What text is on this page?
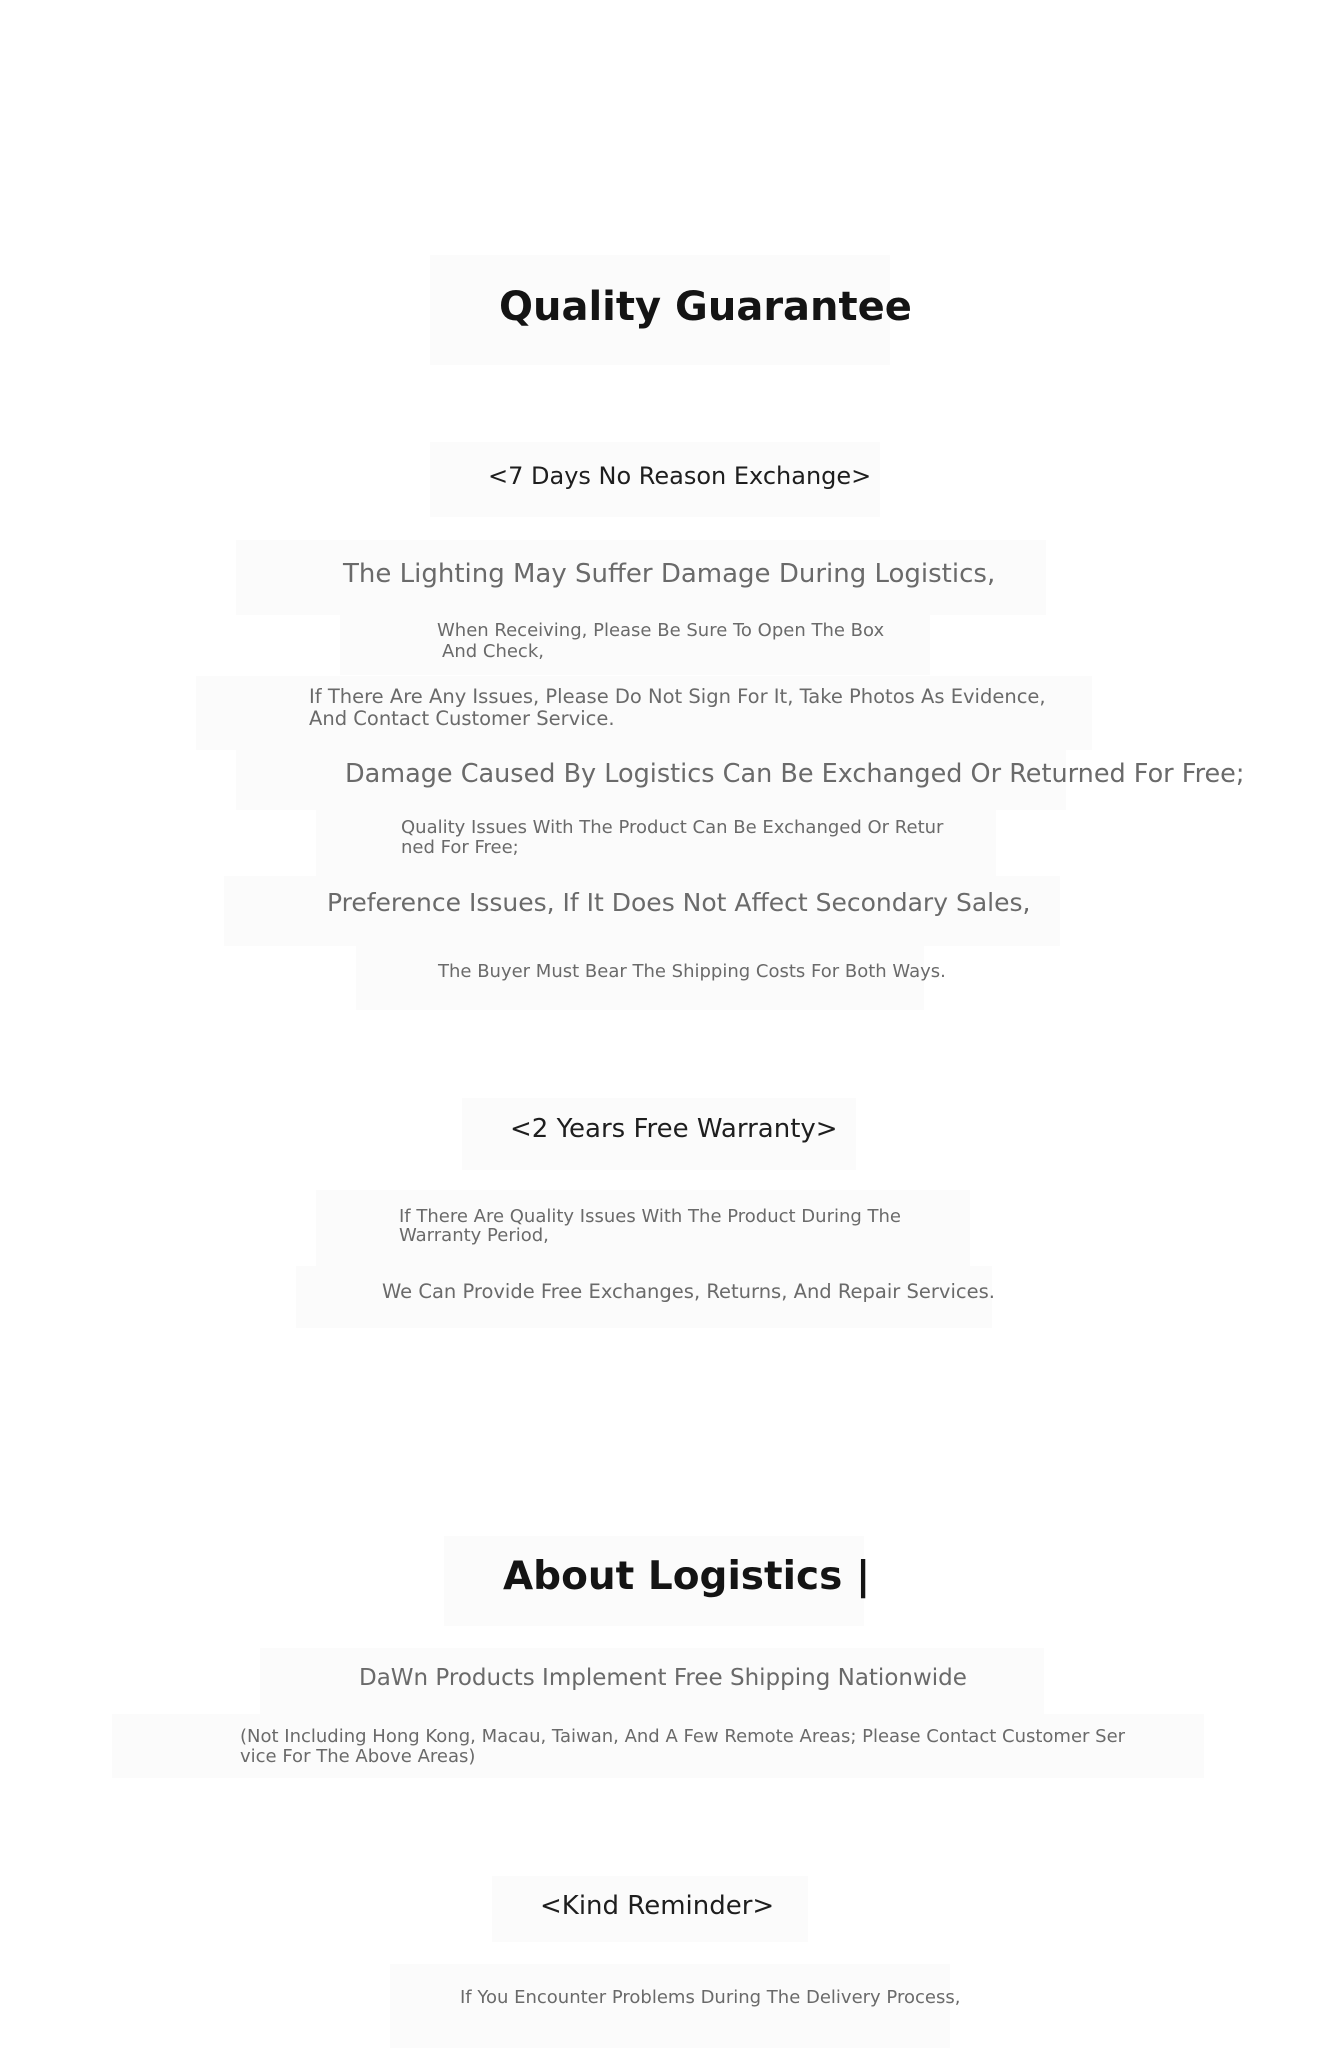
Quality Guarantee
<7 Days No Reason Exchange>
The Lighting May Suffer Damage During Logistics,
When Receiving, Please Be Sure To Open The Box
And Check,
If There Are Any Issues, Please Do Not Sign For It, Take Photos As Evidence,
And Contact Customer Service.
Damage Caused By Logistics Can Be Exchanged Or Returned For Free;
Quality Issues With The Product Can Be Exchanged Or Retur
ned For Free;
Preference Issues, If It Does Not Affect Secondary Sales,
The Buyer Must Bear The Shipping Costs For Both Ways.
<2 Years Free Warranty>
If There Are Quality Issues With The Product During The
Warranty Period,
We Can Provide Free Exchanges, Returns, And Repair Services.
About Logistics |
DaWn Products Implement Free Shipping Nationwide
(Not Including Hong Kong, Macau, Taiwan, And A Few Remote Areas; Please Contact Customer Ser
vice For The Above Areas)
<Kind Reminder>
If You Encounter Problems During The Delivery Process,
